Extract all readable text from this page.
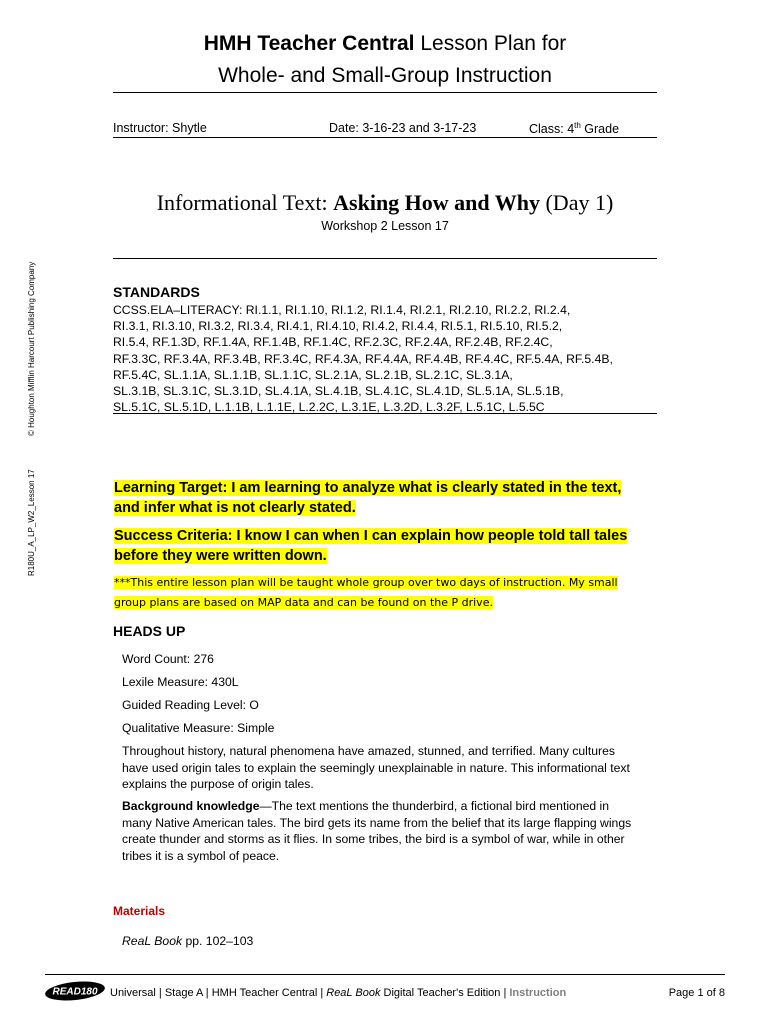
HMH Teacher Central Lesson Plan for
Whole- and Small-Group Instruction
Instructor: Shytle	Date: 3-16-23 and 3-17-23	Class: 4th Grade
Informational Text: Asking How and Why (Day 1)
Workshop 2 Lesson 17
© Houghton Mifflin Harcourt Publishing Company
R180U_A_LP_W2_Lesson 17
STANDARDS
CCSS.ELA–LITERACY: RI.1.1, RI.1.10, RI.1.2, RI.1.4, RI.2.1, RI.2.10, RI.2.2, RI.2.4,
RI.3.1, RI.3.10, RI.3.2, RI.3.4, RI.4.1, RI.4.10, RI.4.2, RI.4.4, RI.5.1, RI.5.10, RI.5.2,
RI.5.4, RF.1.3D, RF.1.4A, RF.1.4B, RF.1.4C, RF.2.3C, RF.2.4A, RF.2.4B, RF.2.4C,
RF.3.3C, RF.3.4A, RF.3.4B, RF.3.4C, RF.4.3A, RF.4.4A, RF.4.4B, RF.4.4C, RF.5.4A, RF.5.4B,
RF.5.4C, SL.1.1A, SL.1.1B, SL.1.1C, SL.2.1A, SL.2.1B, SL.2.1C, SL.3.1A,
SL.3.1B, SL.3.1C, SL.3.1D, SL.4.1A, SL.4.1B, SL.4.1C, SL.4.1D, SL.5.1A, SL.5.1B,
SL.5.1C, SL.5.1D, L.1.1B, L.1.1E, L.2.2C, L.3.1E, L.3.2D, L.3.2F, L.5.1C, L.5.5C
Learning Target: I am learning to analyze what is clearly stated in the text,
and infer what is not clearly stated.
Success Criteria: I know I can when I can explain how people told tall tales
before they were written down.
***This entire lesson plan will be taught whole group over two days of instruction. My small
group plans are based on MAP data and can be found on the P drive.
HEADS UP
Word Count: 276
Lexile Measure: 430L
Guided Reading Level: O
Qualitative Measure: Simple
Throughout history, natural phenomena have amazed, stunned, and terrified. Many cultures have used origin tales to explain the seemingly unexplainable in nature. This informational text explains the purpose of origin tales.
Background knowledge—The text mentions the thunderbird, a fictional bird mentioned in many Native American tales. The bird gets its name from the belief that its large flapping wings create thunder and storms as it flies. In some tribes, the bird is a symbol of war, while in other tribes it is a symbol of peace.
Materials
ReaL Book pp. 102–103
READ180 Universal | Stage A | HMH Teacher Central | ReaL Book Digital Teacher's Edition | Instruction	Page 1 of 8
